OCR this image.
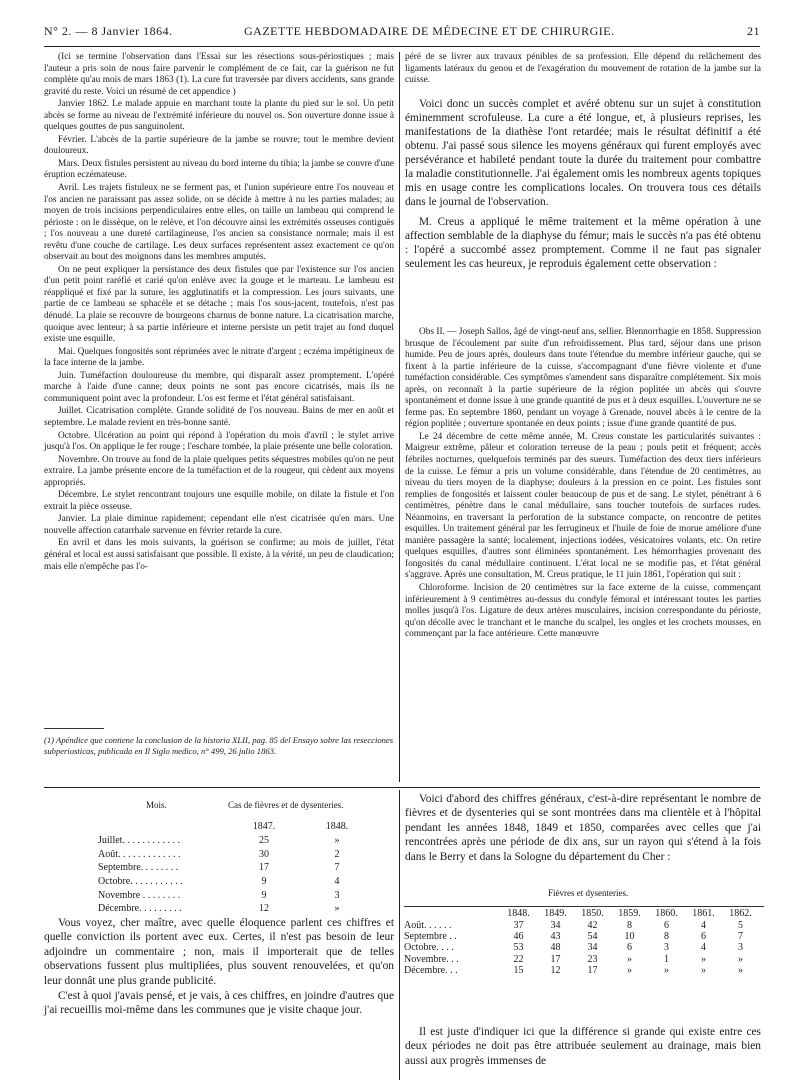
N° 2. — 8 Janvier 1864.	GAZETTE HEBDOMADAIRE DE MÉDECINE ET DE CHIRURGIE.	21

(Ici se termine l'observation dans l'Essai sur les résections sous-périostiques ; mais l'auteur a pris soin de nous faire parvenir le complément de ce fait, car la guérison ne fut complète qu'au mois de mars 1863 (1). La cure fut traversée par divers accidents, sans grande gravité du reste. Voici un résumé de cet appendice )

Janvier 1862. Le malade appuie en marchant toute la plante du pied sur le sol. Un petit abcès se forme au niveau de l'extrémité inférieure du nouvel os. Son ouverture donne issue à quelques gouttes de pus sanguinolent.

Février. L'abcès de la partie supérieure de la jambe se rouvre; tout le membre devient douloureux.

Mars. Deux fistules persistent au niveau du bord interne du tibia; la jambe se couvre d'une éruption eczémateuse.

Avril. Les trajets fistuleux ne se ferment pas, et l'union supérieure entre l'os nouveau et l'os ancien ne paraissant pas assez solide, on se décide à mettre à nu les parties malades; au moyen de trois incisions perpendiculaires entre elles, on taille un lambeau qui comprend le périoste : on le dissèque, on le relève, et l'on découvre ainsi les extrémités osseuses contiguës ; l'os nouveau a une dureté cartilagineuse, l'os ancien sa consistance normale; mais il est revêtu d'une couche de cartilage. Les deux surfaces représentent assez exactement ce qu'on observait au bout des moignons dans les membres amputés.

On ne peut expliquer la persistance des deux fistules que par l'existence sur l'os ancien d'un petit point raréfié et carié qu'on enlève avec la gouge et le marteau. Le lambeau est réappliqué et fixé par la suture, les agglutinatifs et la compression. Les jours suivants, une partie de ce lambeau se sphacèle et se détache ; mais l'os sous-jacent, toutefois, n'est pas dénudé. La plaie se recouvre de bourgeons charnus de bonne nature. La cicatrisation marche, quoique avec lenteur; à sa partie inférieure et interne persiste un petit trajet au fond duquel existe une esquille.

Mai. Quelques fongosités sont réprimées avec le nitrate d'argent ; eczéma impétigineux de la face interne de la jambe.

Juin. Tuméfaction douloureuse du membre, qui disparaît assez promptement. L'opéré marche à l'aide d'une canne; deux points ne sont pas encore cicatrisés, mais ils ne communiquent point avec la profondeur. L'os est ferme et l'état général satisfaisant.

Juillet. Cicatrisation complète. Grande solidité de l'os nouveau. Bains de mer en août et septembre. Le malade revient en très-bonne santé.

Octobre. Ulcération au point qui répond à l'opération du mois d'avril ; le stylet arrive jusqu'à l'os. On applique le fer rouge ; l'eschare tombée, la plaie présente une belle coloration.

Novembre. On trouve au fond de la plaie quelques petits séquestres mobiles qu'on ne peut extraire. La jambe présente encore de la tuméfaction et de la rougeur, qui cèdent aux moyens appropriés.

Décembre. Le stylet rencontrant toujours une esquille mobile, on dilate la fistule et l'on extrait la pièce osseuse.

Janvier. La plaie diminue rapidement; cependant elle n'est cicatrisée qu'en mars. Une nouvelle affection catarrhale survenue en février retarde la cure.

En avril et dans les mois suivants, la guérison se confirme; au mois de juillet, l'état général et local est aussi satisfaisant que possible. Il existe, à la vérité, un peu de claudication; mais elle n'empêche pas l'o-

(1) Apéndice que contiene la conclusion de la historia XLII, pag. 85 del Ensayo sobre las resecciones subperiosticas, publicada en Il Siglo medico, n° 499, 26 julio 1863.

péré de se livrer aux travaux pénibles de sa profession. Elle dépend du relâchement des ligaments latéraux du genou et de l'exagération du mouvement de rotation de la jambe sur la cuisse.

Voici donc un succès complet et avéré obtenu sur un sujet à constitution éminemment scrofuleuse. La cure a été longue, et, à plusieurs reprises, les manifestations de la diathèse l'ont retardée; mais le résultat définitif a été obtenu. J'ai passé sous silence les moyens généraux qui furent employés avec persévérance et habileté pendant toute la durée du traitement pour combattre la maladie constitutionnelle. J'ai également omis les nombreux agents topiques mis en usage contre les complications locales. On trouvera tous ces détails dans le journal de l'observation.

M. Creus a appliqué le même traitement et la même opération à une affection semblable de la diaphyse du fémur; mais le succès n'a pas été obtenu : l'opéré a succombé assez promptement. Comme il ne faut pas signaler seulement les cas heureux, je reproduis également cette observation :

Obs II. — Joseph Sallos, âgé de vingt-neuf ans, sellier. Blennorrhagie en 1858. Suppression brusque de l'écoulement par suite d'un refroidissement. Plus tard, séjour dans une prison humide. Peu de jours après, douleurs dans toute l'étendue du membre inférieur gauche, qui se fixent à la partie inférieure de la cuisse, s'accompagnant d'une fièvre violente et d'une tuméfaction considérable. Ces symptômes s'amendent sans disparaître complétement. Six mois après, on reconnaît à la partie supérieure de la région poplitée un abcès qui s'ouvre spontanément et donne issue à une grande quantité de pus et à deux esquilles. L'ouverture ne se ferme pas. En septembre 1860, pendant un voyage à Grenade, nouvel abcès à le centre de la région poplitée ; ouverture spontanée en deux points ; issue d'une grande quantité de pus.

Le 24 décembre de cette même année, M. Creus constate les particularités suivantes : Maigreur extrême, pâleur et coloration terreuse de la peau ; pouls petit et fréquent; accès fébriles nocturnes, quelquefois terminés par des sueurs. Tuméfaction des deux tiers inférieurs de la cuisse. Le fémur a pris un volume considérable, dans l'étendue de 20 centimètres, au niveau du tiers moyen de la diaphyse; douleurs à la pression en ce point. Les fistules sont remplies de fongosités et laissent couler beaucoup de pus et de sang. Le stylet, pénétrant à 6 centimètres, pénètre dans le canal médullaire, sans toucher toutefois de surfaces rudes. Néanmoins, en traversant la perforation de la substance compacte, on rencontre de petites esquilles. Un traitement général par les ferrugineux et l'huile de foie de morue améliore d'une manière passagère la santé; localement, injections iodées, vésicatoires volants, etc. On retire quelques esquilles, d'autres sont éliminées spontanément. Les hémorrhagies provenant des fongosités du canal médullaire continuent. L'état local ne se modifie pas, et l'état général s'aggrave. Après une consultation, M. Creus pratique, le 11 juin 1861, l'opération qui suit :

Chloroforme. Incision de 20 centimètres sur la face externe de la cuisse, commençant inférieurement à 9 centimètres au-dessus du condyle fémoral et intéressant toutes les parties molles jusqu'à l'os. Ligature de deux artères musculaires, incision correspondante du périoste, qu'on décolle avec le tranchant et le manche du scalpel, les ongles et les crochets mousses, en commençant par la face antérieure. Cette manœuvre

Mois.	Cas de fièvres et de dysenteries.
	1847.	1848.
Juillet. . . . . . . . . . . .	25	»
Août. . . . . . . . . . . . .	30	2
Septembre. . . . . . . .	17	7
Octobre. . . . . . . . . . .	9	4
Novembre . . . . . . . .	9	3
Décembre. . . . . . . . .	12	»

Vous voyez, cher maître, avec quelle éloquence parlent ces chiffres et quelle conviction ils portent avec eux. Certes, il n'est pas besoin de leur adjoindre un commentaire ; non, mais il importerait que de telles observations fussent plus multipliées, plus souvent renouvelées, et qu'on leur donnât une plus grande publicité.

C'est à quoi j'avais pensé, et je vais, à ces chiffres, en joindre d'autres que j'ai recueillis moi-même dans les communes que je visite chaque jour.

Voici d'abord des chiffres généraux, c'est-à-dire représentant le nombre de fièvres et de dysenteries qui se sont montrées dans ma clientèle et à l'hôpital pendant les années 1848, 1849 et 1850, comparées avec celles que j'ai rencontrées après une période de dix ans, sur un rayon qui s'étend à la fois dans le Berry et dans la Sologne du département du Cher :

Fièvres et dysenteries.
	1848.	1849.	1850.	1859.	1860.	1861.	1862.
Août. . . . . .	37	34	42	8	6	4	5
Septembre . .	46	43	54	10	8	6	7
Octobre. . . .	53	48	34	6	3	4	3
Novembre. . .	22	17	23	»	1	»	»
Décembre. . .	15	12	17	»	»	»	»

Il est juste d'indiquer ici que la différence si grande qui existe entre ces deux périodes ne doit pas être attribuée seulement au drainage, mais bien aussi aux progrès immenses de
